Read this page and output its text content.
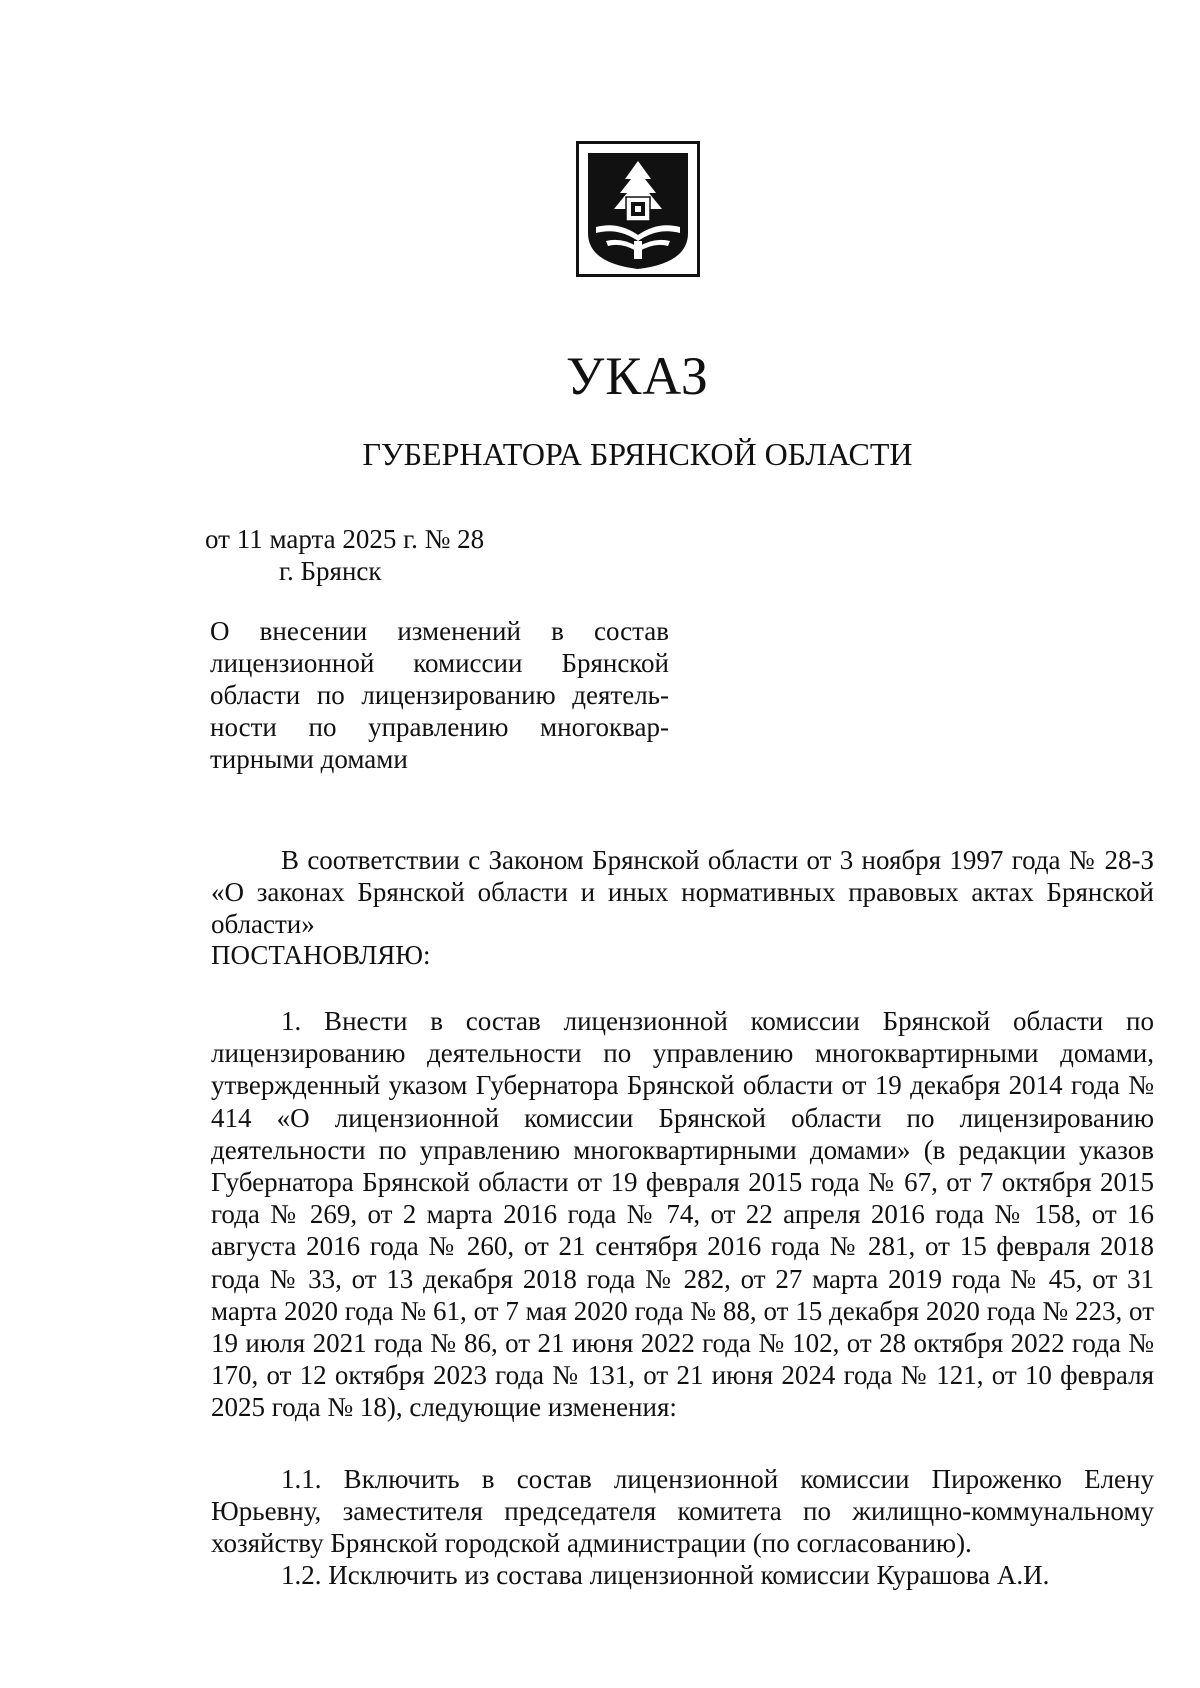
УКАЗ
ГУБЕРНАТОРА БРЯНСКОЙ ОБЛАСТИ
от 11 марта 2025 г. № 28
г. Брянск
О внесении изменений в состав лицензионной комиссии Брянской области по лицензированию деятельности по управлению многоквартирными домами

В соответствии с Законом Брянской области от 3 ноября 1997 года № 28-З «О законах Брянской области и иных нормативных правовых актах Брянской области»

ПОСТАНОВЛЯЮ:

1. Внести в состав лицензионной комиссии Брянской области по лицензированию деятельности по управлению многоквартирными домами, утвержденный указом Губернатора Брянской области от 19 декабря 2014 года № 414 «О лицензионной комиссии Брянской области по лицензированию деятельности по управлению многоквартирными домами» (в редакции указов Губернатора Брянской области от 19 февраля 2015 года № 67, от 7 октября 2015 года № 269, от 2 марта 2016 года № 74, от 22 апреля 2016 года № 158, от 16 августа 2016 года № 260, от 21 сентября 2016 года № 281, от 15 февраля 2018 года № 33, от 13 декабря 2018 года № 282, от 27 марта 2019 года № 45, от 31 марта 2020 года № 61, от 7 мая 2020 года № 88, от 15 декабря 2020 года № 223, от 19 июля 2021 года № 86, от 21 июня 2022 года № 102, от 28 октября 2022 года № 170, от 12 октября 2023 года № 131, от 21 июня 2024 года № 121, от 10 февраля 2025 года № 18), следующие изменения:

1.1. Включить в состав лицензионной комиссии Пироженко Елену Юрьевну, заместителя председателя комитета по жилищно-коммунальному хозяйству Брянской городской администрации (по согласованию).

1.2. Исключить из состава лицензионной комиссии Курашова А.И.
